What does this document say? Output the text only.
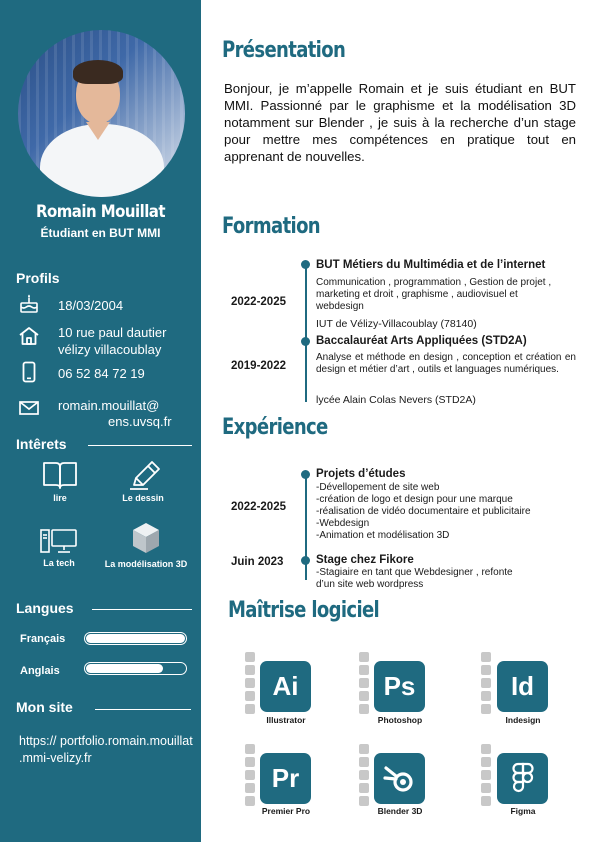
Romain Mouillat
Étudiant en BUT MMI
Profils
18/03/2004
10 rue paul dautier
vélizy villacoublay
06 52 84 72 19
romain.mouillat@
ens.uvsq.fr
Intêrets
lire	Le dessin
La tech	La modélisation 3D
Langues
Français
Anglais
Mon site
https:// portfolio.romain.mouillat .mmi-velizy.fr
Présentation
Bonjour, je m’appelle Romain et je suis étudiant en BUT MMI. Passionné par le graphisme et la modélisation 3D notamment sur Blender , je suis à la recherche d’un stage pour mettre mes compétences en pratique tout en apprenant de nouvelles.
Formation
2022-2025
BUT Métiers du Multimédia et de l’internet
Communication , programmation , Gestion de projet , marketing et droit , graphisme , audiovisuel et webdesign
IUT de Vélizy-Villacoublay (78140)
2019-2022
Baccalauréat Arts Appliquées (STD2A)
Analyse et méthode en design , conception et création en design et métier d’art , outils et languages numériques.
lycée Alain Colas Nevers (STD2A)
Expérience
2022-2025
Projets d’études
-Dévellopement de site web
-création de logo et design pour une marque
-réalisation de vidéo documentaire et publicitaire
-Webdesign
-Animation et modélisation 3D
Juin 2023	Stage chez Fikore
-Stagiaire en tant que Webdesigner , refonte
d’un site web wordpress
Maîtrise logiciel
Ai
Illustrator
Ps
Photoshop
Id
Indesign
Pr
Premier Pro	Blender 3D	Figma
